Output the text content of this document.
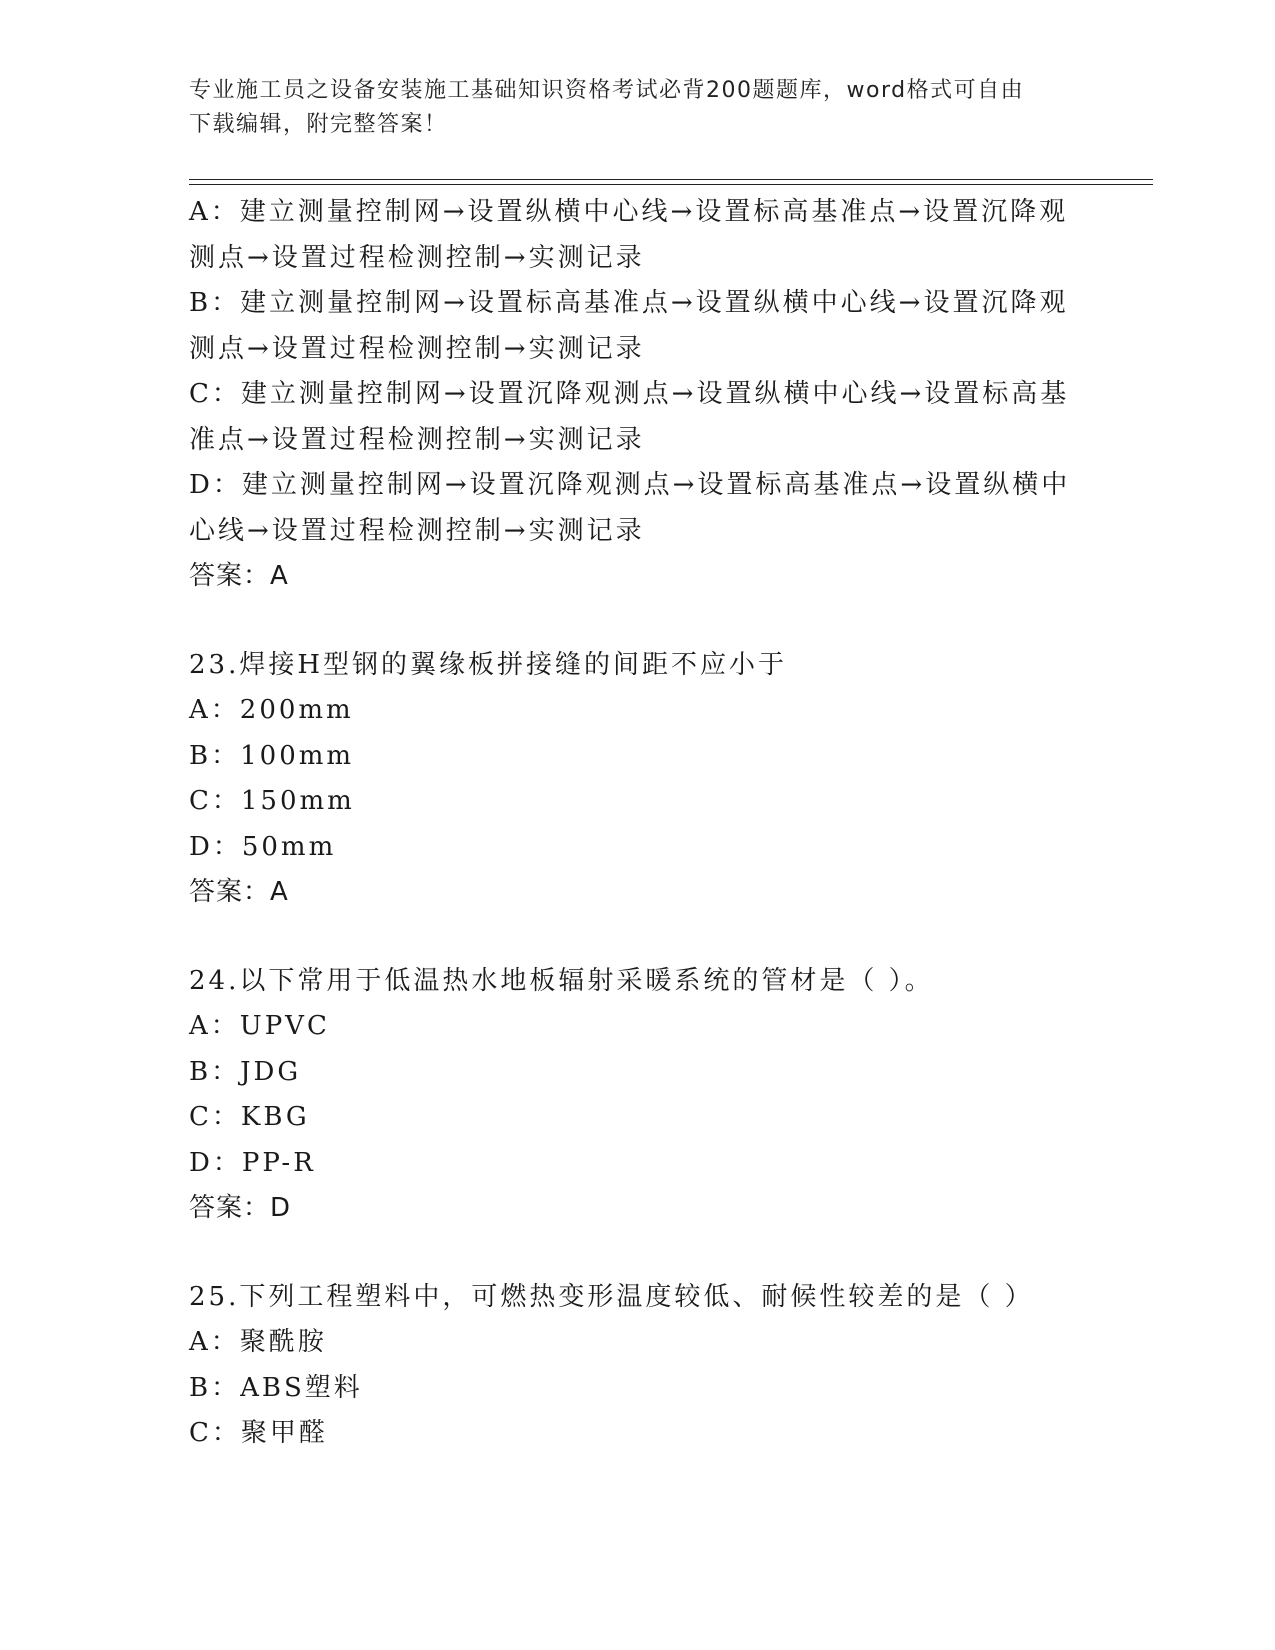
专业施工员之设备安装施工基础知识资格考试必背200题题库，word格式可自由
下载编辑，附完整答案！
A：建立测量控制网→设置纵横中心线→设置标高基准点→设置沉降观
测点→设置过程检测控制→实测记录
B：建立测量控制网→设置标高基准点→设置纵横中心线→设置沉降观
测点→设置过程检测控制→实测记录
C：建立测量控制网→设置沉降观测点→设置纵横中心线→设置标高基
准点→设置过程检测控制→实测记录
D：建立测量控制网→设置沉降观测点→设置标高基准点→设置纵横中
心线→设置过程检测控制→实测记录
答案：A
23.焊接H型钢的翼缘板拼接缝的间距不应小于
A：200mm
B：100mm
C：150mm
D：50mm
答案：A
24.以下常用于低温热水地板辐射采暖系统的管材是（ ）。
A：UPVC
B：JDG
C：KBG
D：PP-R
答案：D
25.下列工程塑料中，可燃热变形温度较低、耐候性较差的是（ ）
A：聚酰胺
B：ABS塑料
C：聚甲醛
